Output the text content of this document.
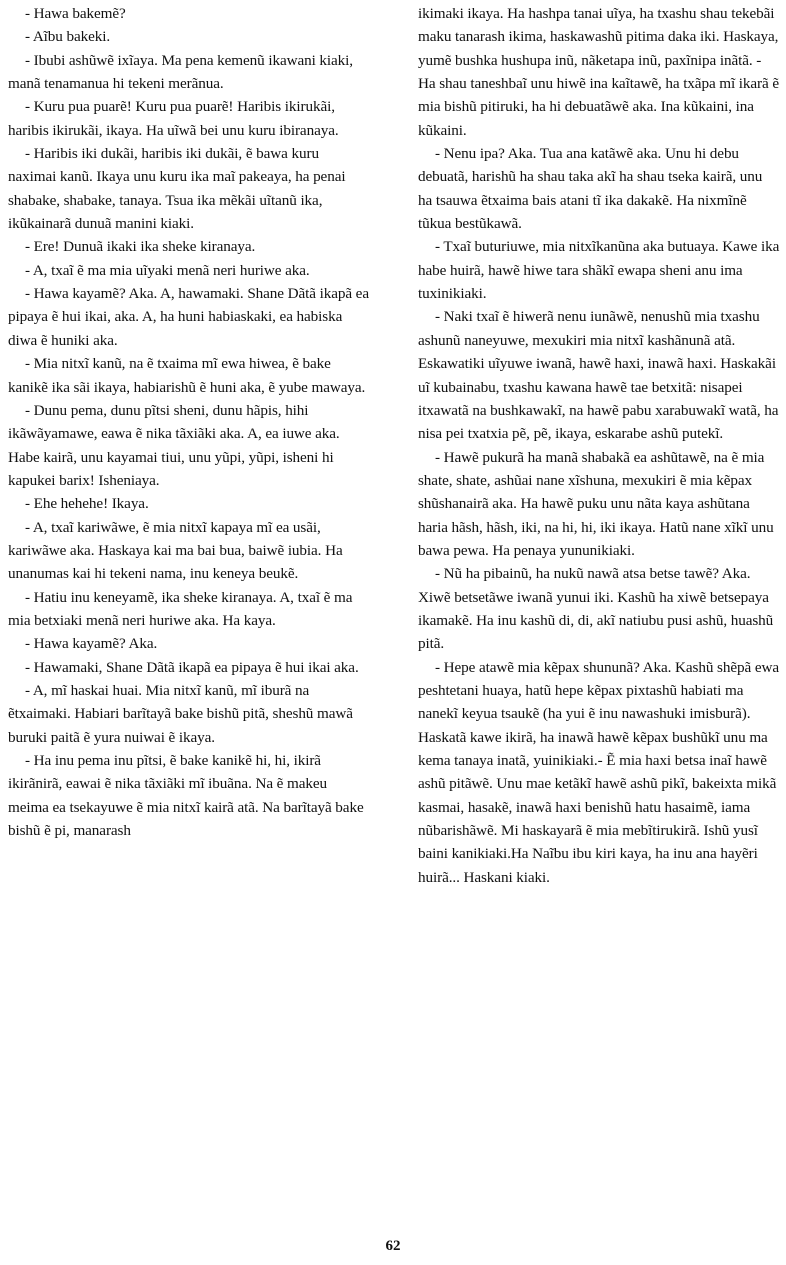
- Hawa bakemẽ?

- Aĩbu bakeki.

- Ibubi ashũwẽ ixĩaya. Ma pena kemenũ ikawani kiaki, manã tenamanua hi tekeni merãnua.

- Kuru pua puarẽ! Kuru pua puarẽ! Haribis ikirukãi, haribis ikirukãi, ikaya. Ha uĩwã bei unu kuru ibiranaya.

- Haribis iki dukãi, haribis iki dukãi, ẽ bawa kuru naximai kanũ. Ikaya unu kuru ika maĩ pakeaya, ha penai shabake, shabake, tanaya. Tsua ika mẽkãi uĩtanũ ika, ikũkainarã dunuã manini kiaki.

- Ere! Dunuã ikaki ika sheke kiranaya.

- A, txaĩ ẽ ma mia uĩyaki menã neri huriwe aka.

- Hawa kayamẽ? Aka. A, hawamaki. Shane Dãtã ikapã ea pipaya ẽ hui ikai, aka. A, ha huni habiaskaki, ea habiska diwa ẽ huniki aka.

- Mia nitxĩ kanũ, na ẽ txaima mĩ ewa hiwea, ẽ bake kanikẽ ika sãi ikaya, habiarishũ ẽ huni aka, ẽ yube mawaya.

- Dunu pema, dunu pĩtsi sheni, dunu hãpis, hihi ikãwãyamawe, eawa ẽ nika tãxiãki aka. A, ea iuwe aka. Habe kairã, unu kayamai tiui, unu yũpi, yũpi, isheni hi kapukei barix! Isheniaya.

- Ehe hehehe! Ikaya.

- A, txaĩ kariwãwe, ẽ mia nitxĩ kapaya mĩ ea usãi, kariwãwe aka. Haskaya kai ma bai bua, baiwẽ iubia. Ha unanumas kai hi tekeni nama, inu keneya beukẽ.

- Hatiu inu keneyamẽ, ika sheke kiranaya. A, txaĩ ẽ ma mia betxiaki menã neri huriwe aka. Ha kaya.

- Hawa kayamẽ? Aka.

- Hawamaki, Shane Dãtã ikapã ea pipaya ẽ hui ikai aka.

- A, mĩ haskai huai. Mia nitxĩ kanũ, mĩ iburã na ẽtxaimaki. Habiari barĩtayã bake bishũ pitã, sheshũ mawã buruki paitã ẽ yura nuiwai ẽ ikaya.

- Ha inu pema inu pĩtsi, ẽ bake kanikẽ hi, hi, ikirã ikirãnirã, eawai ẽ nika tãxiãki mĩ ibuãna. Na ẽ makeu meima ea tsekayuwe ẽ mia nitxĩ kairã atã. Na barĩtayã bake bishũ ẽ pi, manarash

ikimaki ikaya. Ha hashpa tanai uĩya, ha txashu shau tekebãi maku tanarash ikima, haskawashũ pitima daka iki. Haskaya, yumẽ bushka hushupa inũ, nãketapa inũ, paxĩnipa inãtã. - Ha shau taneshbaĩ unu hiwẽ ina kaĩtawẽ, ha txãpa mĩ ikarã ẽ mia bishũ pitiruki, ha hi debuatãwẽ aka. Ina kũkaini, ina kũkaini.

- Nenu ipa? Aka. Tua ana katãwẽ aka. Unu hi debu debuatã, harishũ ha shau taka akĩ ha shau tseka kairã, unu ha tsauwa ẽtxaima bais atani tĩ ika dakakẽ. Ha nixmĩnẽ tũkua bestũkawã.

- Txaĩ buturiuwe, mia nitxĩkanũna aka butuaya. Kawe ika habe huirã, hawẽ hiwe tara shãkĩ ewapa sheni anu ima tuxinikiaki.

- Naki txaĩ ẽ hiwerã nenu iunãwẽ, nenushũ mia txashu ashunũ naneyuwe, mexukiri mia nitxĩ kashãnunã atã. Eskawatiki uĩyuwe iwanã, hawẽ haxi, inawã haxi. Haskakãi uĩ kubainabu, txashu kawana hawẽ tae betxitã: nisapei itxawatã na bushkawakĩ, na hawẽ pabu xarabuwakĩ watã, ha nisa pei txatxia pẽ, pẽ, ikaya, eskarabe ashũ putekĩ.

- Hawẽ pukurã ha manã shabakã ea ashũtawẽ, na ẽ mia shate, shate, ashũai nane xĩshuna, mexukiri ẽ mia kẽpax shũshanairã aka. Ha hawẽ puku unu nãta kaya ashũtana haria hãsh, hãsh, iki, na hi, hi, iki ikaya. Hatũ nane xĩkĩ unu bawa pewa. Ha penaya yununikiaki.

- Nũ ha pibainũ, ha nukũ nawã atsa betse tawẽ? Aka. Xiwẽ betsetãwe iwanã yunui iki. Kashũ ha xiwẽ betsepaya ikamakẽ. Ha inu kashũ di, di, akĩ natiubu pusi ashũ, huashũ pitã.

- Hepe atawẽ mia kẽpax shununã? Aka. Kashũ shẽpã ewa peshtetani huaya, hatũ hepe kẽpax pixtashũ habiati ma nanekĩ keyua tsaukẽ (ha yui ẽ inu nawashuki imisburã). Haskatã kawe ikirã, ha inawã hawẽ kẽpax bushũkĩ unu ma kema tanaya inatã, yuinikiaki.- Ẽ mia haxi betsa inaĩ hawẽ ashũ pitãwẽ. Unu mae ketãkĩ hawẽ ashũ pikĩ, bakeixta mikã kasmai, hasakẽ, inawã haxi benishũ hatu hasaimẽ, iama nũbarishãwẽ. Mi haskayarã ẽ mia mebĩtirukirã. Ishũ yusĩ baini kanikiaki.Ha Naĩbu ibu kiri kaya, ha inu ana hayẽri huirã... Haskani kiaki.

62
